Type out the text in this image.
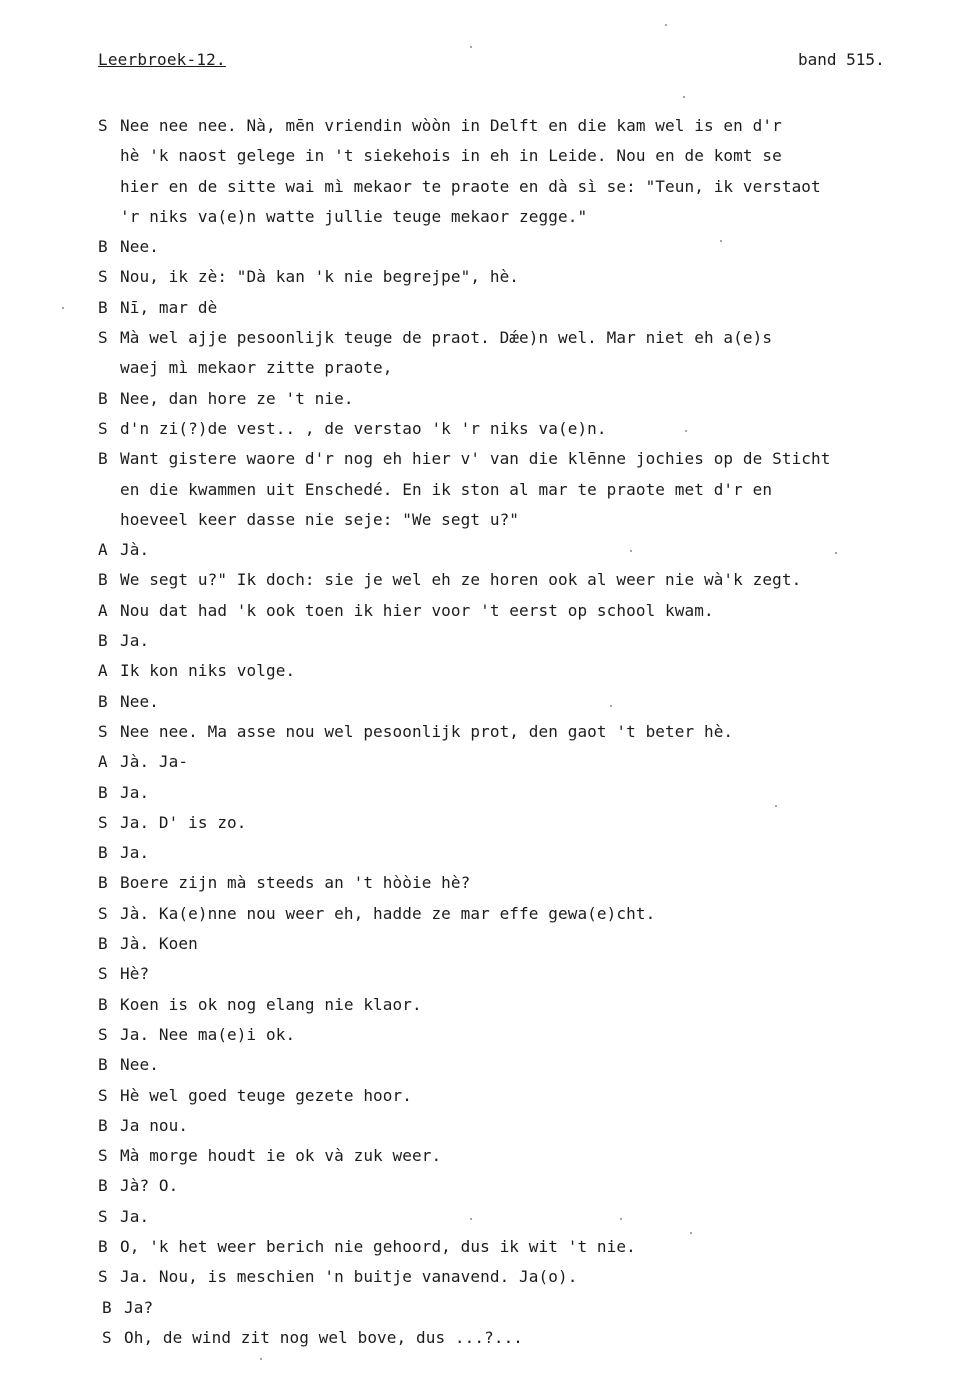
Leerbroek-12.	band 515.
S Nee nee nee. Nà, mēn vriendin wòòn in Delft en die kam wel is en d'r
hè 'k naost gelege in 't siekehois in eh in Leide. Nou en de komt se
hier en de sitte wai mì mekaor te praote en dà sì se: "Teun, ik verstaot
'r niks va(e)n watte jullie teuge mekaor zegge."
B Nee.
S Nou, ik zè: "Dà kan 'k nie begrejpe", hè.
B Nī, mar dè
S Mà wel ajje pesoonlijk teuge de praot. Dǽe)n wel. Mar niet eh a(e)s
waej mì mekaor zitte praote,
B Nee, dan hore ze 't nie.
S d'n zi(?)de vest.. , de verstao 'k 'r niks va(e)n.
B Want gistere waore d'r nog eh hier v' van die klēnne jochies op de Sticht
en die kwammen uit Enschedé. En ik ston al mar te praote met d'r en
hoeveel keer dasse nie seje: "We segt u?"
A Jà.
B We segt u?" Ik doch: sie je wel eh ze horen ook al weer nie wà'k zegt.
A Nou dat had 'k ook toen ik hier voor 't eerst op school kwam.
B Ja.
A Ik kon niks volge.
B Nee.
S Nee nee. Ma asse nou wel pesoonlijk prot, den gaot 't beter hè.
A Jà. Ja-
B Ja.
S Ja. D' is zo.
B Ja.
B Boere zijn mà steeds an 't hòòie hè?
S Jà. Ka(e)nne nou weer eh, hadde ze mar effe gewa(e)cht.
B Jà. Koen
S Hè?
B Koen is ok nog elang nie klaor.
S Ja. Nee ma(e)i ok.
B Nee.
S Hè wel goed teuge gezete hoor.
B Ja nou.
S Mà morge houdt ie ok và zuk weer.
B Jà? O.
S Ja.
B O, 'k het weer berich nie gehoord, dus ik wit 't nie.
S Ja. Nou, is meschien 'n buitje vanavend. Ja(o).
B Ja?
S Oh, de wind zit nog wel bove, dus ...?...
